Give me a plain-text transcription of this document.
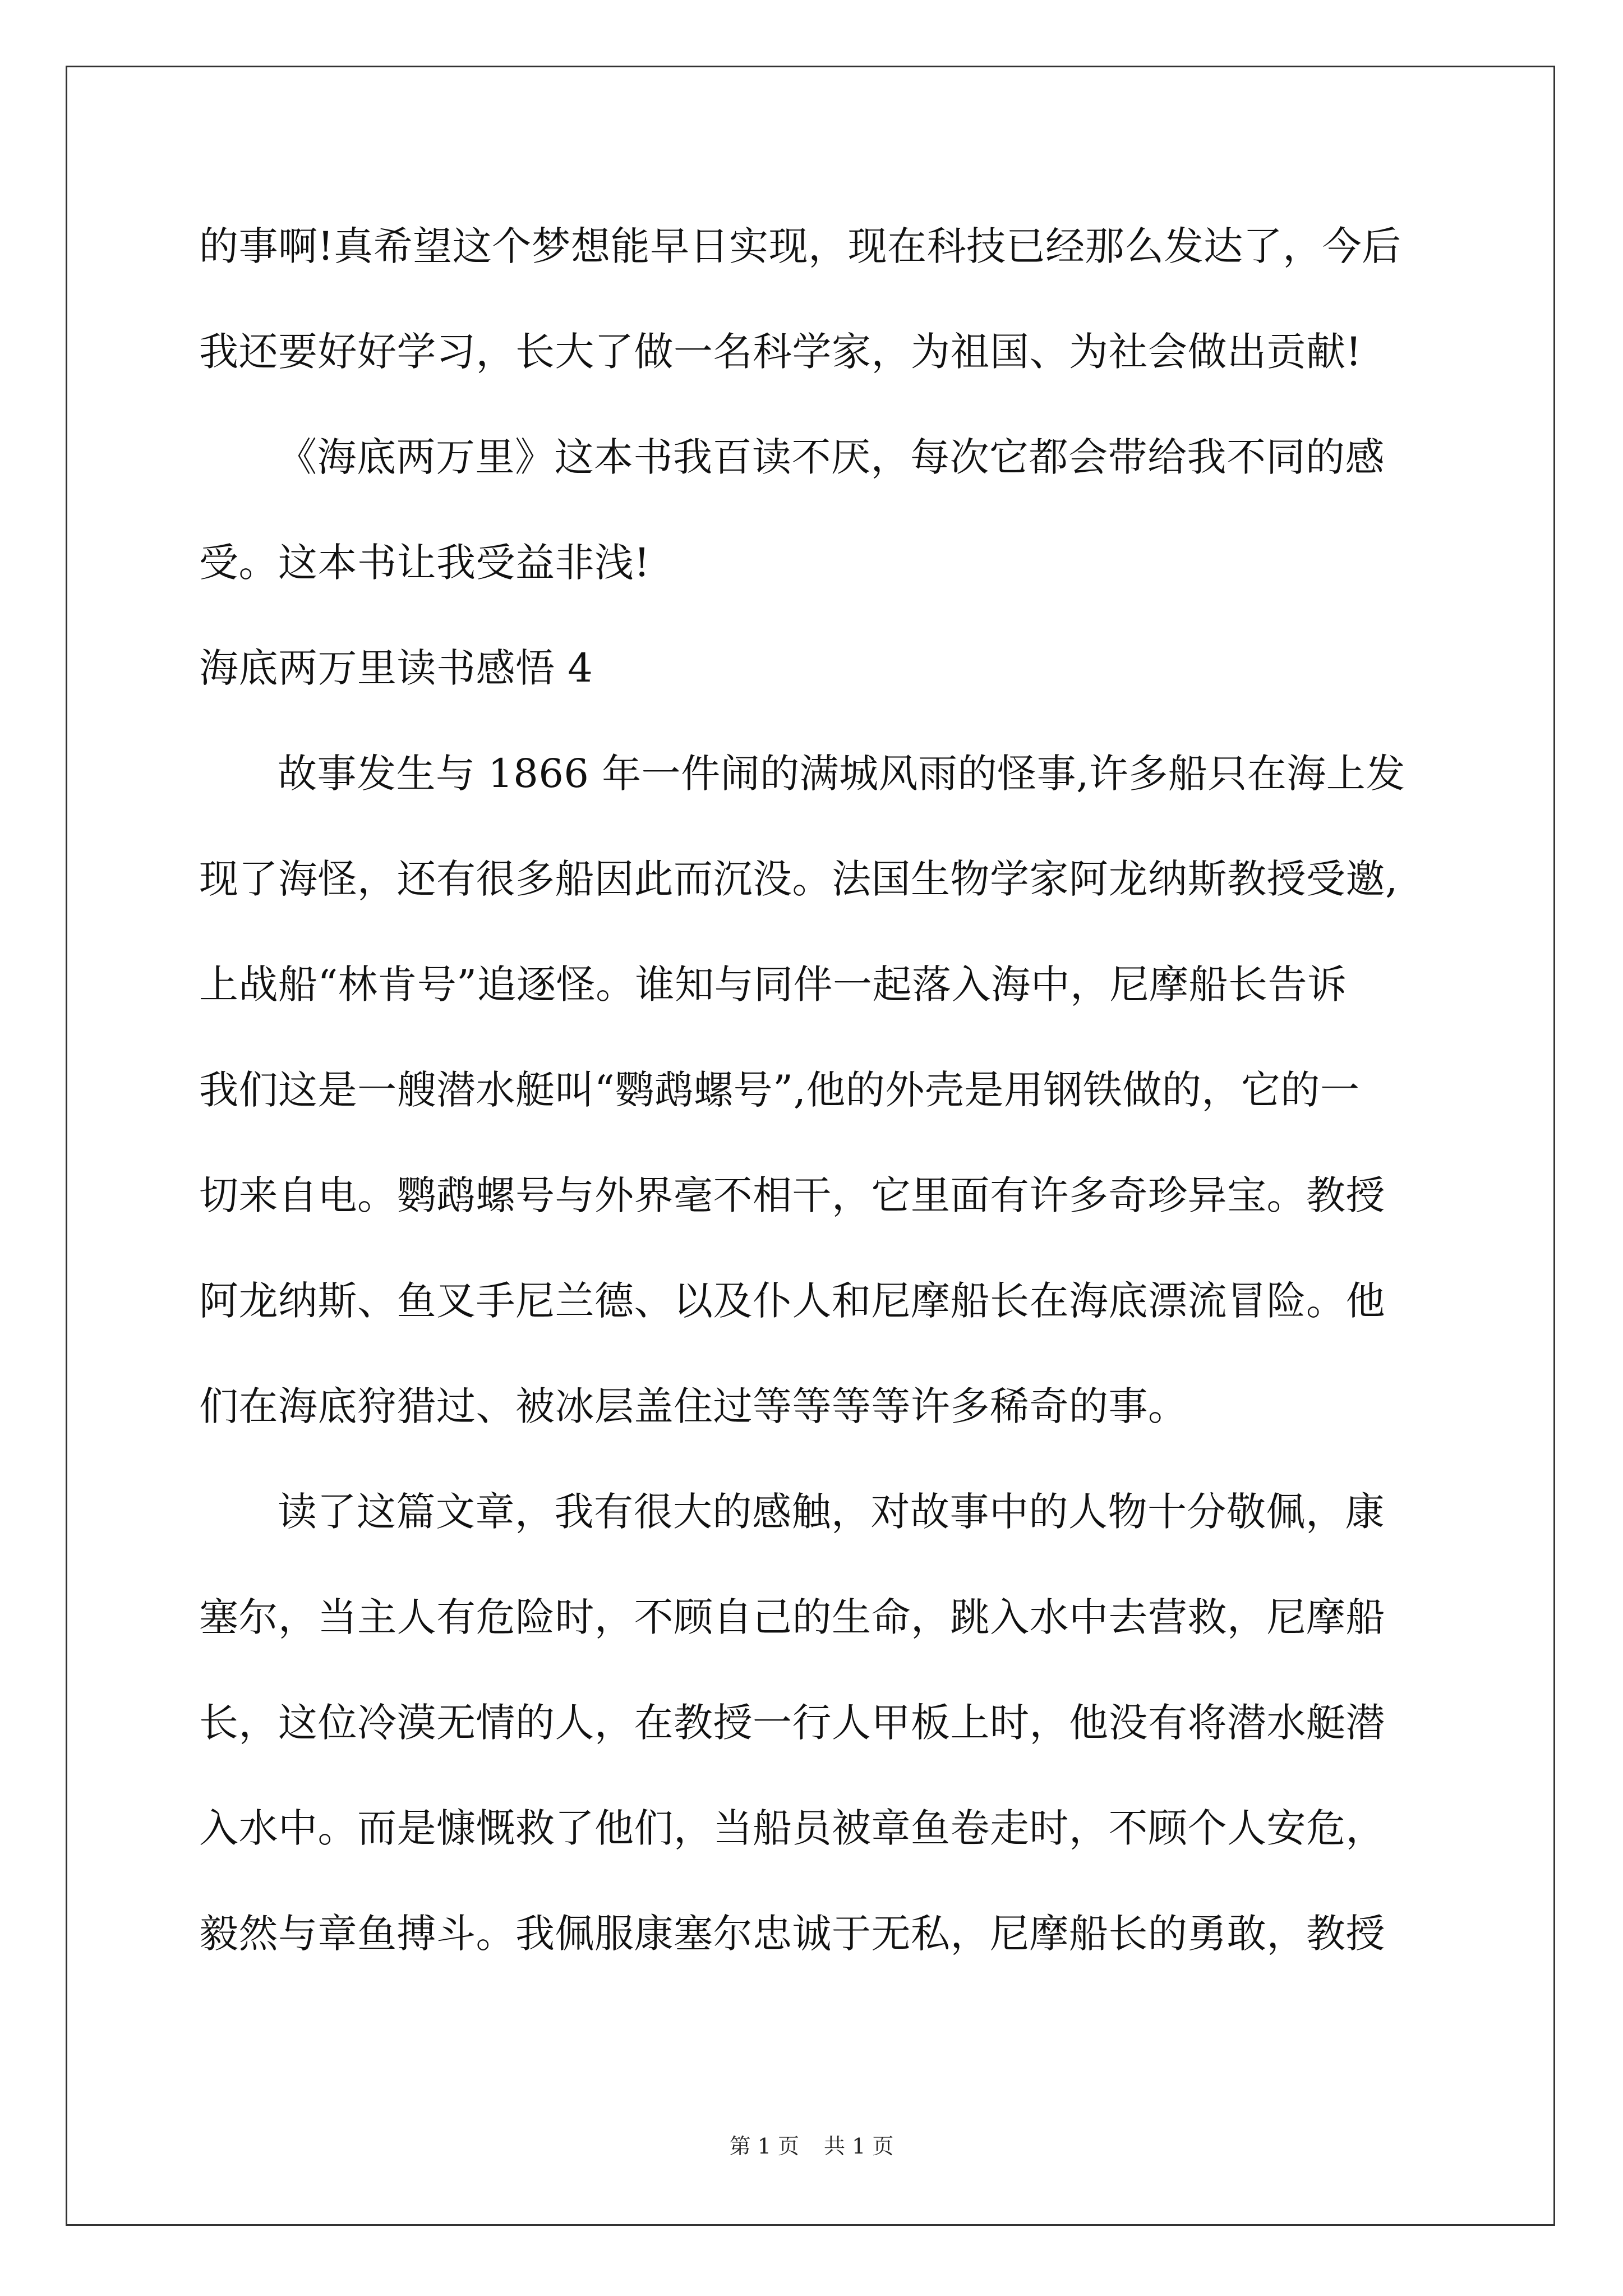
的事啊!真希望这个梦想能早日实现，现在科技已经那么发达了，今后
我还要好好学习，长大了做一名科学家，为祖国、为社会做出贡献!
《海底两万里》这本书我百读不厌，每次它都会带给我不同的感
受。这本书让我受益非浅!
海底两万里读书感悟 4
故事发生与 1866 年一件闹的满城风雨的怪事,许多船只在海上发
现了海怪，还有很多船因此而沉没。法国生物学家阿龙纳斯教授受邀,
上战船“林肯号”追逐怪。谁知与同伴一起落入海中，尼摩船长告诉
我们这是一艘潜水艇叫“鹦鹉螺号”,他的外壳是用钢铁做的，它的一
切来自电。鹦鹉螺号与外界毫不相干，它里面有许多奇珍异宝。教授
阿龙纳斯、鱼叉手尼兰德、以及仆人和尼摩船长在海底漂流冒险。他
们在海底狩猎过、被冰层盖住过等等等等许多稀奇的事。
读了这篇文章，我有很大的感触，对故事中的人物十分敬佩，康
塞尔，当主人有危险时，不顾自己的生命，跳入水中去营救，尼摩船
长，这位冷漠无情的人，在教授一行人甲板上时，他没有将潜水艇潜
入水中。而是慷慨救了他们，当船员被章鱼卷走时，不顾个人安危，
毅然与章鱼搏斗。我佩服康塞尔忠诚于无私，尼摩船长的勇敢，教授
第 1 页 共 1 页
